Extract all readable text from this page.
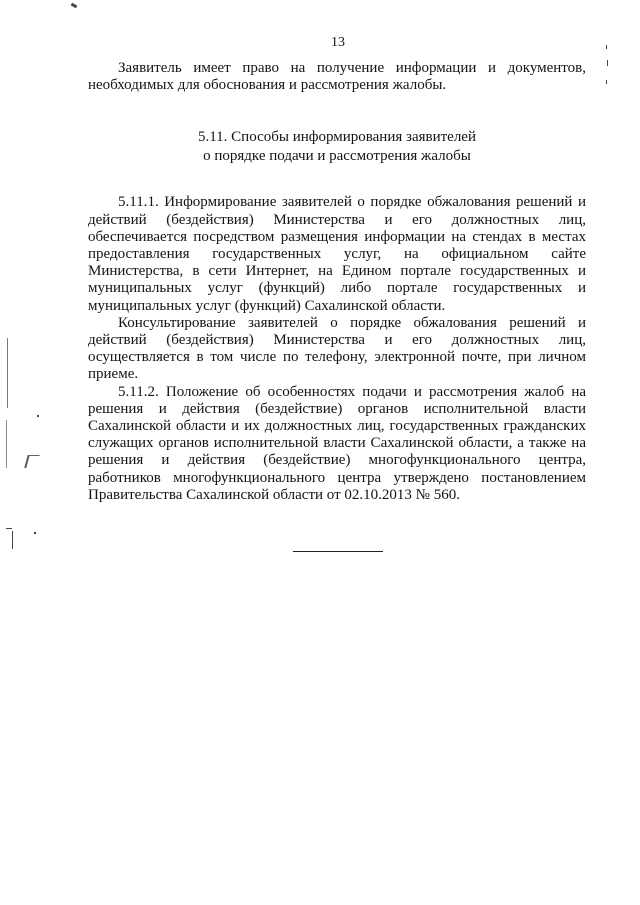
13

Заявитель имеет право на получение информации и документов, необходимых для обоснования и рассмотрения жалобы.

5.11. Способы информирования заявителей
о порядке подачи и рассмотрения жалобы

5.11.1. Информирование заявителей о порядке обжалования решений и действий (бездействия) Министерства и его должностных лиц, обеспечивается посредством размещения информации на стендах в местах предоставления государственных услуг, на официальном сайте Министерства, в сети Интернет, на Едином портале государственных и муниципальных услуг (функций) либо портале государственных и муниципальных услуг (функций) Сахалинской области.

Консультирование заявителей о порядке обжалования решений и действий (бездействия) Министерства и его должностных лиц, осуществляется в том числе по телефону, электронной почте, при личном приеме.

5.11.2. Положение об особенностях подачи и рассмотрения жалоб на решения и действия (бездействие) органов исполнительной власти Сахалинской области и их должностных лиц, государственных гражданских служащих органов исполнительной власти Сахалинской области, а также на решения и действия (бездействие) многофункционального центра, работников многофункционального центра утверждено постановлением Правительства Сахалинской области от 02.10.2013 № 560.
